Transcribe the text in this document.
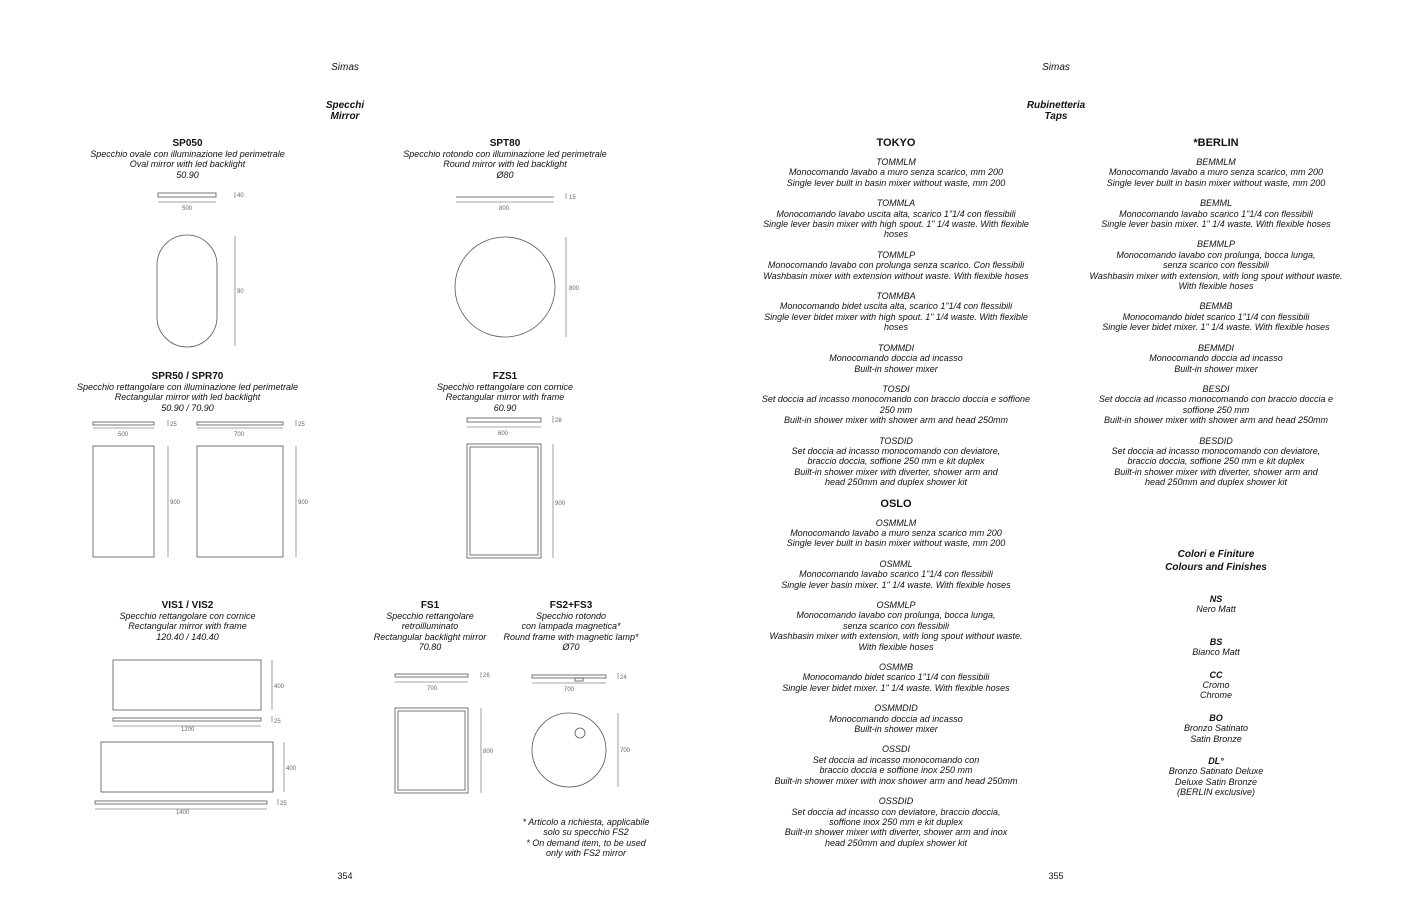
Simas
Specchi
Mirror
SP050
Specchio ovale con illuminazione led perimetrale
Oval mirror with led backlight
50.90
SPT80
Specchio rotondo con illuminazione led perimetrale
Round mirror with led backlight
Ø80
SPR50 / SPR70
Specchio rettangolare con illuminazione led perimetrale
Rectangular mirror with led backlight
50.90 / 70.90
FZS1
Specchio rettangolare con cornice
Rectangular mirror with frame
60.90
VIS1 / VIS2
Specchio rettangolare con cornice
Rectangular mirror with frame
120.40 / 140.40
FS1
Specchio rettangolare
retroilluminato
Rectangular backlight mirror
70.80
FS2+FS3
Specchio rotondo
con lampada magnetica*
Round frame with magnetic lamp*
Ø70
* Articolo a richiesta, applicabile
solo su specchio FS2
* On demand item, to be used
only with FS2 mirror
354
40
500
90
15
800
800
25
500
900
25
700
900
28
600
900
400
25
1200
400
25
1400
26
700
800
24
700
700
Simas
Rubinetteria
Taps
TOKYO
TOMMLM
Monocomando lavabo a muro senza scarico, mm 200
Single lever built in basin mixer without waste, mm 200
TOMMLA
Monocomando lavabo uscita alta, scarico 1"1/4 con flessibili
Single lever basin mixer with high spout. 1" 1/4 waste. With flexible
hoses
TOMMLP
Monocomando lavabo con prolunga senza scarico. Con flessibili
Washbasin mixer with extension without waste. With flexible hoses
TOMMBA
Monocomando bidet uscita alta, scarico 1"1/4 con flessibili
Single lever bidet mixer with high spout. 1" 1/4 waste. With flexible
hoses
TOMMDI
Monocomando doccia ad incasso
Built-in shower mixer
TOSDI
Set doccia ad incasso monocomando con braccio doccia e soffione
250 mm
Built-in shower mixer with shower arm and head 250mm
TOSDID
Set doccia ad incasso monocomando con deviatore,
braccio doccia, soffione 250 mm e kit duplex
Built-in shower mixer with diverter, shower arm and
head 250mm and duplex shower kit
OSLO
OSMMLM
Monocomando lavabo a muro senza scarico mm 200
Single lever built in basin mixer without waste, mm 200
OSMML
Monocomando lavabo scarico 1"1/4 con flessibili
Single lever basin mixer. 1" 1/4 waste. With flexible hoses
OSMMLP
Monocomando lavabo con prolunga, bocca lunga,
senza scarico con flessibili
Washbasin mixer with extension, with long spout without waste.
With flexible hoses
OSMMB
Monocomando bidet scarico 1"1/4 con flessibili
Single lever bidet mixer. 1" 1/4 waste. With flexible hoses
OSMMDID
Monocomando doccia ad incasso
Built-in shower mixer
OSSDI
Set doccia ad incasso monocomando con
braccio doccia e soffione inox 250 mm
Built-in shower mixer with inox shower arm and head 250mm
OSSDID
Set doccia ad incasso con deviatore, braccio doccia,
soffione inox 250 mm e kit duplex
Built-in shower mixer with diverter, shower arm and inox
head 250mm and duplex shower kit
*BERLIN
BEMMLM
Monocomando lavabo a muro senza scarico, mm 200
Single lever built in basin mixer without waste, mm 200
BEMML
Monocomando lavabo scarico 1"1/4 con flessibili
Single lever basin mixer. 1" 1/4 waste. With flexible hoses
BEMMLP
Monocomando lavabo con prolunga, bocca lunga,
senza scarico con flessibili
Washbasin mixer with extension, with long spout without waste.
With flexible hoses
BEMMB
Monocomando bidet scarico 1"1/4 con flessibili
Single lever bidet mixer. 1" 1/4 waste. With flexible hoses
BEMMDI
Monocomando doccia ad incasso
Built-in shower mixer
BESDI
Set doccia ad incasso monocomando con braccio doccia e
soffione 250 mm
Built-in shower mixer with shower arm and head 250mm
BESDID
Set doccia ad incasso monocomando con deviatore,
braccio doccia, soffione 250 mm e kit duplex
Built-in shower mixer with diverter, shower arm and
head 250mm and duplex shower kit
Colori e Finiture
Colours and Finishes
NS
Nero Matt
BS
Bianco Matt
CC
Cromo
Chrome
BO
Bronzo Satinato
Satin Bronze
DL°
Bronzo Satinato Deluxe
Deluxe Satin Bronze
(BERLIN exclusive)
355
